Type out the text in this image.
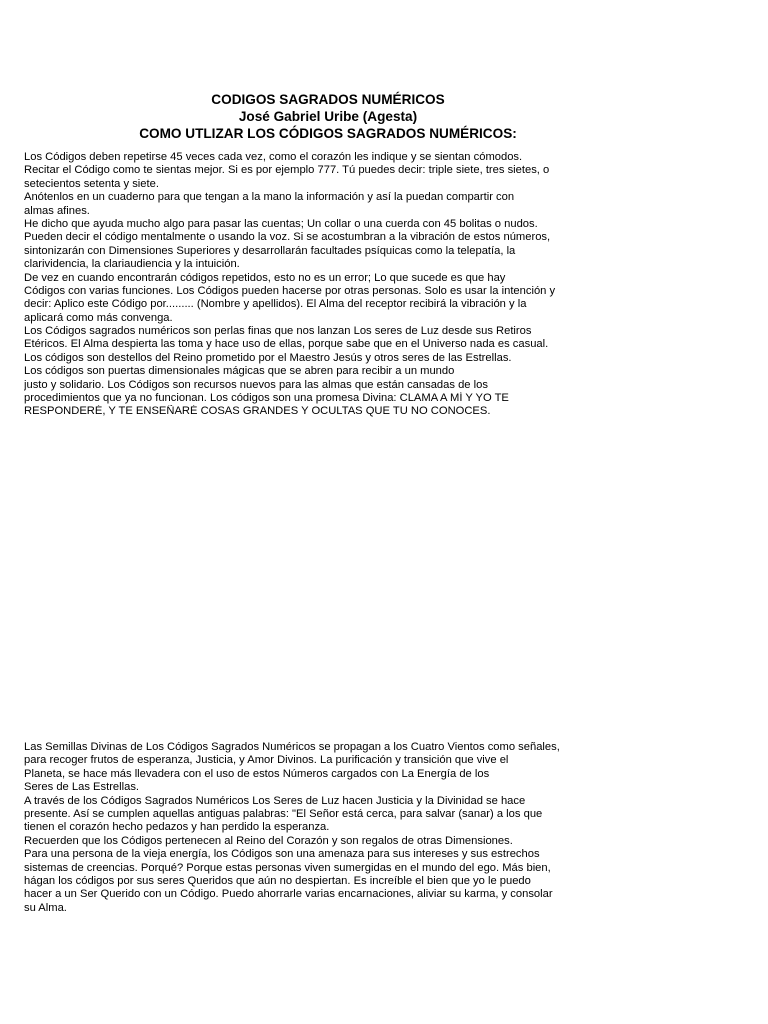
CODIGOS SAGRADOS NUMÉRICOS
José Gabriel Uribe (Agesta)
COMO UTLIZAR LOS CÓDIGOS SAGRADOS NUMÉRICOS:
Los Códigos deben repetirse 45 veces cada vez, como el corazón les indique y se sientan cómodos.
Recitar el Código como te sientas mejor. Si es por ejemplo 777. Tú puedes decir: triple siete, tres sietes, o
setecientos setenta y siete.
Anótenlos en un cuaderno para que tengan a la mano la información y así la puedan compartir con
almas afines.
He dicho que ayuda mucho algo para pasar las cuentas; Un collar o una cuerda con 45 bolitas o nudos.
Pueden decir el código mentalmente o usando la voz. Si se acostumbran a la vibración de estos números,
sintonizarán con Dimensiones Superiores y desarrollarán facultades psíquicas como la telepatía, la
clarividencia, la clariaudiencia y la intuición.
De vez en cuando encontrarán códigos repetidos, esto no es un error; Lo que sucede es que hay
Códigos con varias funciones. Los Códigos pueden hacerse por otras personas. Solo es usar la intención y
decir: Aplico este Código por......... (Nombre y apellidos). El Alma del receptor recibirá la vibración y la
aplicará como más convenga.
Los Códigos sagrados numéricos son perlas finas que nos lanzan Los seres de Luz desde sus Retiros
Etéricos. El Alma despierta las toma y hace uso de ellas, porque sabe que en el Universo nada es casual.
Los códigos son destellos del Reino prometido por el Maestro Jesús y otros seres de las Estrellas.
Los códigos son puertas dimensionales mágicas que se abren para recibir a un mundo
justo y solidario. Los Códigos son recursos nuevos para las almas que están cansadas de los
procedimientos que ya no funcionan. Los códigos son una promesa Divina: CLAMA A MÍ Y YO TE
RESPONDERÉ, Y TE ENSEÑARÉ COSAS GRANDES Y OCULTAS QUE TU NO CONOCES.
Las Semillas Divinas de Los Códigos Sagrados Numéricos se propagan a los Cuatro Vientos como señales,
para recoger frutos de esperanza, Justicia, y Amor Divinos. La purificación y transición que vive el
Planeta, se hace más llevadera con el uso de estos Números cargados con La Energía de los
Seres de Las Estrellas.
A través de los Códigos Sagrados Numéricos Los Seres de Luz hacen Justicia y la Divinidad se hace
presente. Así se cumplen aquellas antiguas palabras: "El Señor está cerca, para salvar (sanar) a los que
tienen el corazón hecho pedazos y han perdido la esperanza.
Recuerden que los Códigos pertenecen al Reino del Corazón y son regalos de otras Dimensiones.
Para una persona de la vieja energía, los Códigos son una amenaza para sus intereses y sus estrechos
sistemas de creencias. Porqué? Porque estas personas viven sumergidas en el mundo del ego. Más bien,
hágan los códigos por sus seres Queridos que aún no despiertan. Es increíble el bien que yo le puedo
hacer a un Ser Querido con un Código. Puedo ahorrarle varias encarnaciones, aliviar su karma, y consolar
su Alma.
